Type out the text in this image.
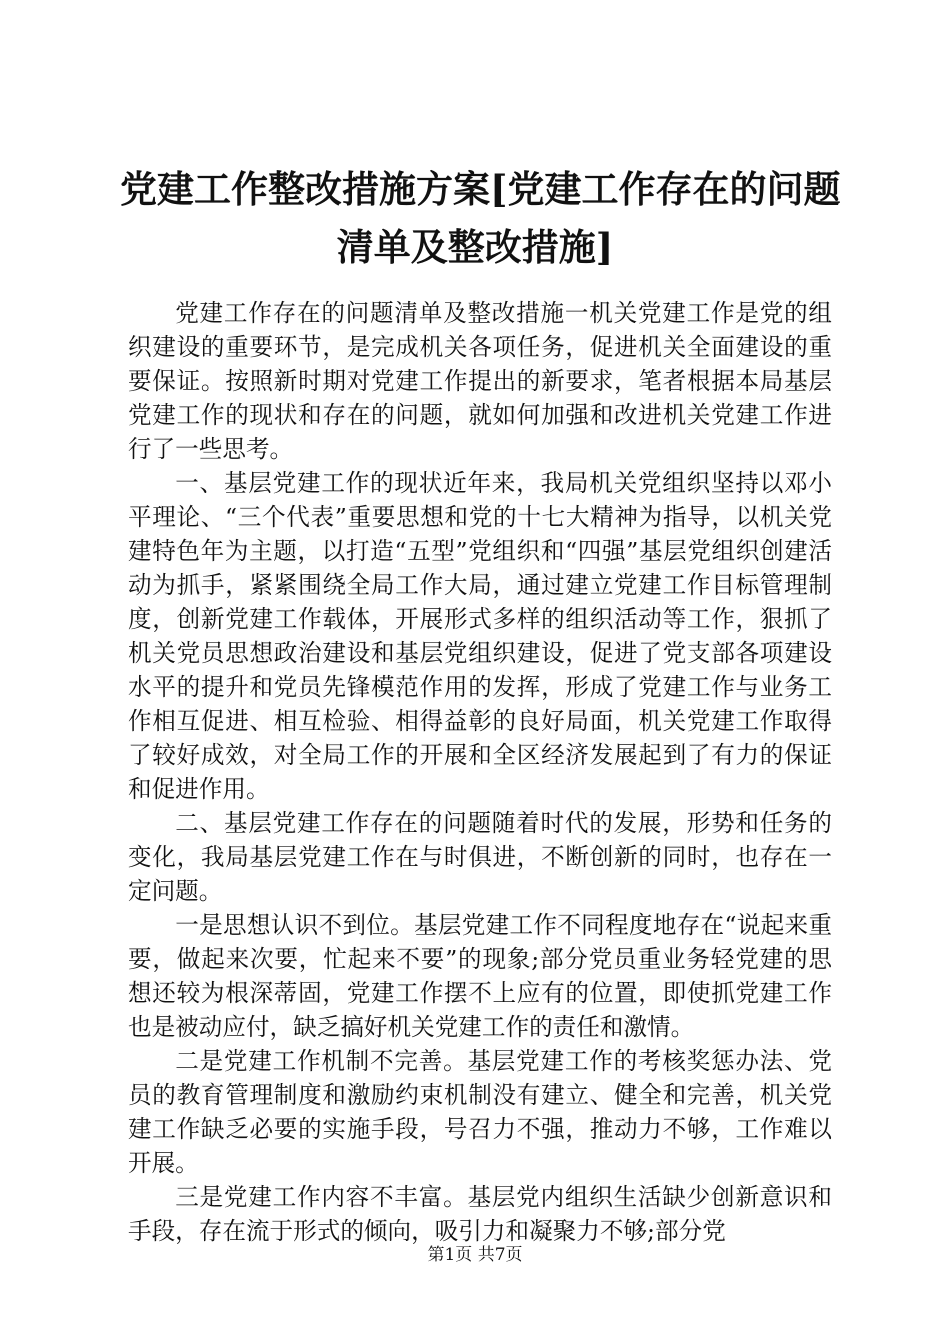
党建工作整改措施方案[党建工作存在的问题
清单及整改措施]

党建工作存在的问题清单及整改措施一机关党建工作是党的组织建设的重要环节，是完成机关各项任务，促进机关全面建设的重要保证。按照新时期对党建工作提出的新要求，笔者根据本局基层党建工作的现状和存在的问题，就如何加强和改进机关党建工作进行了一些思考。

一、基层党建工作的现状近年来，我局机关党组织坚持以邓小平理论、“三个代表”重要思想和党的十七大精神为指导，以机关党建特色年为主题，以打造“五型”党组织和“四强”基层党组织创建活动为抓手，紧紧围绕全局工作大局，通过建立党建工作目标管理制度，创新党建工作载体，开展形式多样的组织活动等工作，狠抓了机关党员思想政治建设和基层党组织建设，促进了党支部各项建设水平的提升和党员先锋模范作用的发挥，形成了党建工作与业务工作相互促进、相互检验、相得益彰的良好局面，机关党建工作取得了较好成效，对全局工作的开展和全区经济发展起到了有力的保证和促进作用。

二、基层党建工作存在的问题随着时代的发展，形势和任务的变化，我局基层党建工作在与时俱进，不断创新的同时，也存在一定问题。

一是思想认识不到位。基层党建工作不同程度地存在“说起来重要，做起来次要，忙起来不要”的现象;部分党员重业务轻党建的思想还较为根深蒂固，党建工作摆不上应有的位置，即使抓党建工作也是被动应付，缺乏搞好机关党建工作的责任和激情。

二是党建工作机制不完善。基层党建工作的考核奖惩办法、党员的教育管理制度和激励约束机制没有建立、健全和完善，机关党建工作缺乏必要的实施手段，号召力不强，推动力不够，工作难以开展。

三是党建工作内容不丰富。基层党内组织生活缺少创新意识和手段，存在流于形式的倾向，吸引力和凝聚力不够;部分党

第1页 共7页
